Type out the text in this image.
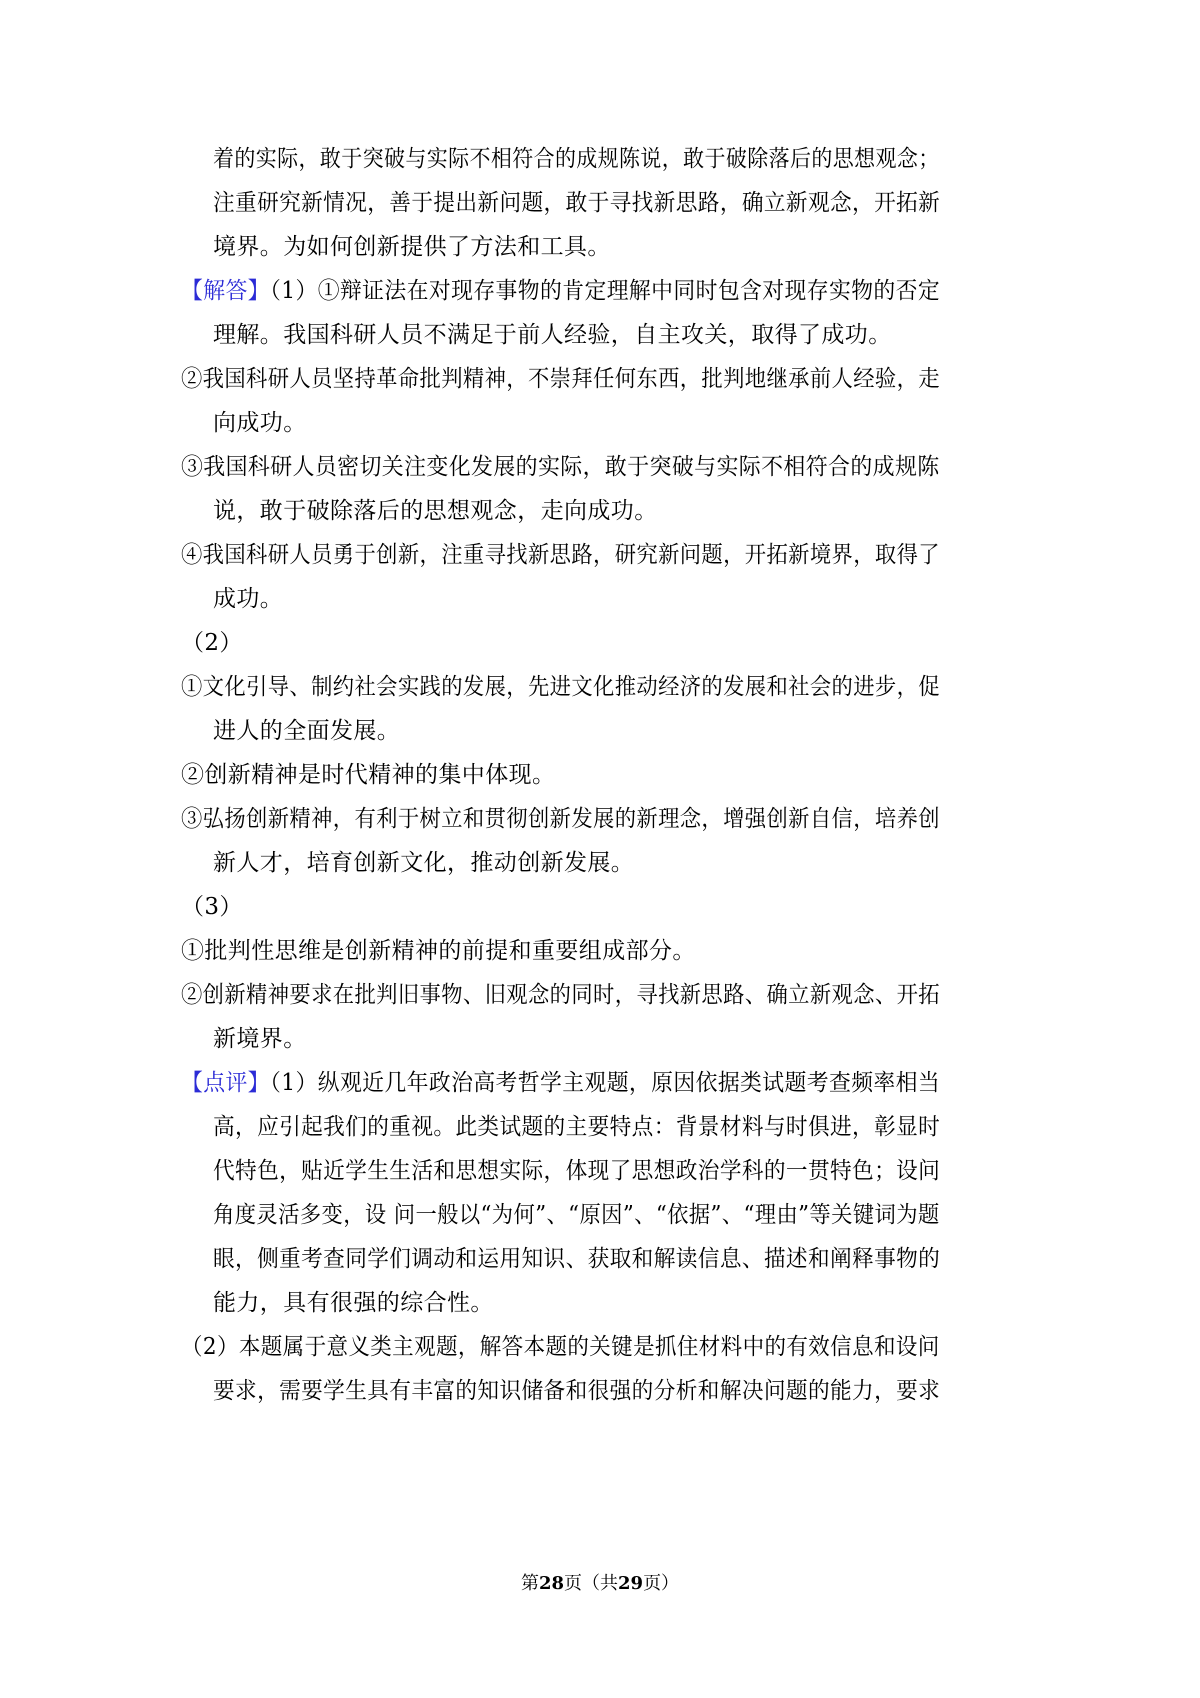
着的实际，敢于突破与实际不相符合的成规陈说，敢于破除落后的思想观念；
注重研究新情况，善于提出新问题，敢于寻找新思路，确立新观念，开拓新
境界。为如何创新提供了方法和工具。
【解答】（1）①辩证法在对现存事物的肯定理解中同时包含对现存实物的否定
理解。我国科研人员不满足于前人经验，自主攻关，取得了成功。
②我国科研人员坚持革命批判精神，不崇拜任何东西，批判地继承前人经验，走
向成功。
③我国科研人员密切关注变化发展的实际，敢于突破与实际不相符合的成规陈
说，敢于破除落后的思想观念，走向成功。
④我国科研人员勇于创新，注重寻找新思路，研究新问题，开拓新境界，取得了
成功。
（2）
①文化引导、制约社会实践的发展，先进文化推动经济的发展和社会的进步，促
进人的全面发展。
②创新精神是时代精神的集中体现。
③弘扬创新精神，有利于树立和贯彻创新发展的新理念，增强创新自信，培养创
新人才，培育创新文化，推动创新发展。
（3）
①批判性思维是创新精神的前提和重要组成部分。
②创新精神要求在批判旧事物、旧观念的同时，寻找新思路、确立新观念、开拓
新境界。
【点评】（1）纵观近几年政治高考哲学主观题，原因依据类试题考查频率相当
高，应引起我们的重视。此类试题的主要特点：背景材料与时俱进，彰显时
代特色，贴近学生生活和思想实际，体现了思想政治学科的一贯特色；设问
角度灵活多变，设 问一般以“为何”、“原因”、“依据”、“理由”等关键词为题
眼，侧重考查同学们调动和运用知识、获取和解读信息、描述和阐释事物的
能力，具有很强的综合性。
（2）本题属于意义类主观题，解答本题的关键是抓住材料中的有效信息和设问
要求，需要学生具有丰富的知识储备和很强的分析和解决问题的能力，要求
第28页（共29页）
